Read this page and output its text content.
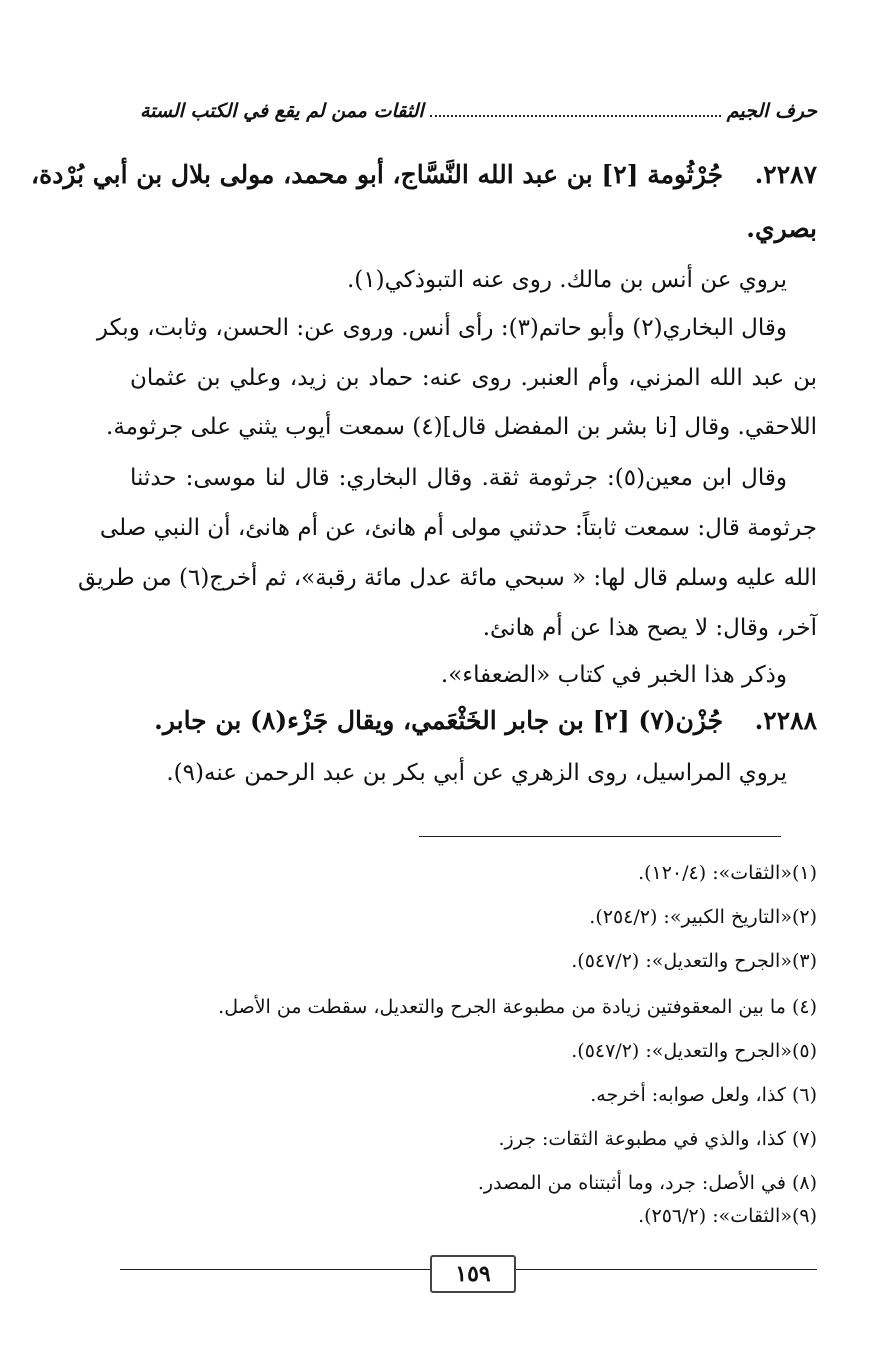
حرف الجيم
الثقات ممن لم يقع في الكتب الستة
٢٢٨٧.  جُرْثُومة [٢] بن عبد الله النَّسَّاج، أبو محمد، مولى بلال بن أبي بُرْدة،
بصري.
يروي عن أنس بن مالك. روى عنه التبوذكي(١).
وقال البخاري(٢) وأبو حاتم(٣): رأى أنس. وروى عن: الحسن، وثابت، وبكر
بن عبد الله المزني، وأم العنبر. روى عنه: حماد بن زيد، وعلي بن عثمان
اللاحقي. وقال [نا بشر بن المفضل قال](٤) سمعت أيوب يثني على جرثومة.
وقال ابن معين(٥): جرثومة ثقة. وقال البخاري: قال لنا موسى: حدثنا
جرثومة قال: سمعت ثابتاً: حدثني مولى أم هانئ، عن أم هانئ، أن النبي صلى
الله عليه وسلم قال لها: « سبحي مائة عدل مائة رقبة»، ثم أخرج(٦) من طريق
آخر، وقال: لا يصح هذا عن أم هانئ.
وذكر هذا الخبر في كتاب «الضعفاء».
٢٢٨٨.  جُزْن(٧) [٢] بن جابر الخَثْعَمي، ويقال جَزْء(٨) بن جابر.
يروي المراسيل، روى الزهري عن أبي بكر بن عبد الرحمن عنه(٩).
(١)«الثقات»: (١٢٠/٤).
(٢)«التاريخ الكبير»: (٢٥٤/٢).
(٣)«الجرح والتعديل»: (٥٤٧/٢).
(٤) ما بين المعقوفتين زيادة من مطبوعة الجرح والتعديل، سقطت من الأصل.
(٥)«الجرح والتعديل»: (٥٤٧/٢).
(٦) كذا، ولعل صوابه: أخرجه.
(٧) كذا، والذي في مطبوعة الثقات: جرز.
(٨) في الأصل: جرد، وما أثبتناه من المصدر.
(٩)«الثقات»: (٢٥٦/٢).
١٥٩
